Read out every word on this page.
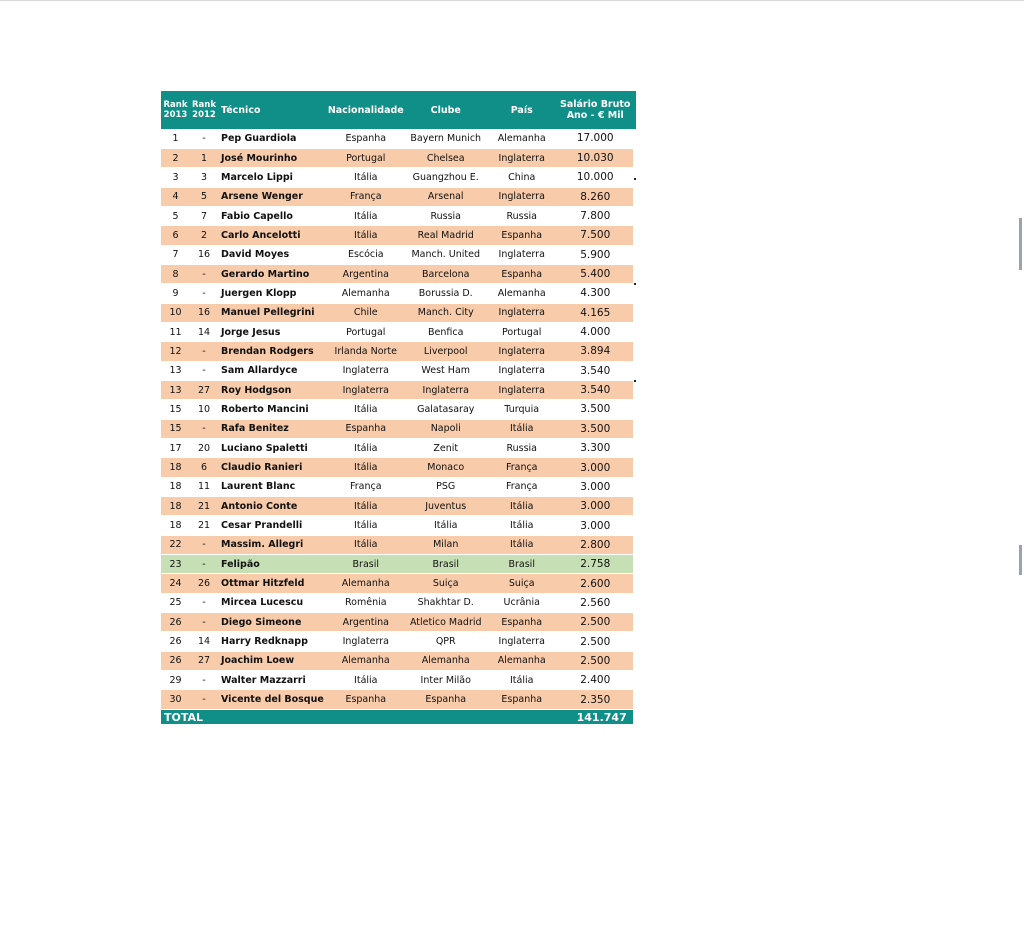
Rank 2013	Rank 2012	Técnico	Nacionalidade	Clube	País	Salário Bruto Ano - € Mil
1	-	Pep Guardiola	Espanha	Bayern Munich	Alemanha	17.000
2	1	José Mourinho	Portugal	Chelsea	Inglaterra	10.030
3	3	Marcelo Lippi	Itália	Guangzhou E.	China	10.000
4	5	Arsene Wenger	França	Arsenal	Inglaterra	8.260
5	7	Fabio Capello	Itália	Russia	Russia	7.800
6	2	Carlo Ancelotti	Itália	Real Madrid	Espanha	7.500
7	16	David Moyes	Escócia	Manch. United	Inglaterra	5.900
8	-	Gerardo Martino	Argentina	Barcelona	Espanha	5.400
9	-	Juergen Klopp	Alemanha	Borussia D.	Alemanha	4.300
10	16	Manuel Pellegrini	Chile	Manch. City	Inglaterra	4.165
11	14	Jorge Jesus	Portugal	Benfica	Portugal	4.000
12	-	Brendan Rodgers	Irlanda Norte	Liverpool	Inglaterra	3.894
13	-	Sam Allardyce	Inglaterra	West Ham	Inglaterra	3.540
13	27	Roy Hodgson	Inglaterra	Inglaterra	Inglaterra	3.540
15	10	Roberto Mancini	Itália	Galatasaray	Turquia	3.500
15	-	Rafa Benitez	Espanha	Napoli	Itália	3.500
17	20	Luciano Spaletti	Itália	Zenit	Russia	3.300
18	6	Claudio Ranieri	Itália	Monaco	França	3.000
18	11	Laurent Blanc	França	PSG	França	3.000
18	21	Antonio Conte	Itália	Juventus	Itália	3.000
18	21	Cesar Prandelli	Itália	Itália	Itália	3.000
22	-	Massim. Allegri	Itália	Milan	Itália	2.800
23	-	Felipão	Brasil	Brasil	Brasil	2.758
24	26	Ottmar Hitzfeld	Alemanha	Suiça	Suiça	2.600
25	-	Mircea Lucescu	Romênia	Shakhtar D.	Ucrânia	2.560
26	-	Diego Simeone	Argentina	Atletico Madrid	Espanha	2.500
26	14	Harry Redknapp	Inglaterra	QPR	Inglaterra	2.500
26	27	Joachim Loew	Alemanha	Alemanha	Alemanha	2.500
29	-	Walter Mazzarri	Itália	Inter Milão	Itália	2.400
30	-	Vicente del Bosque	Espanha	Espanha	Espanha	2.350
TOTAL						141.747
